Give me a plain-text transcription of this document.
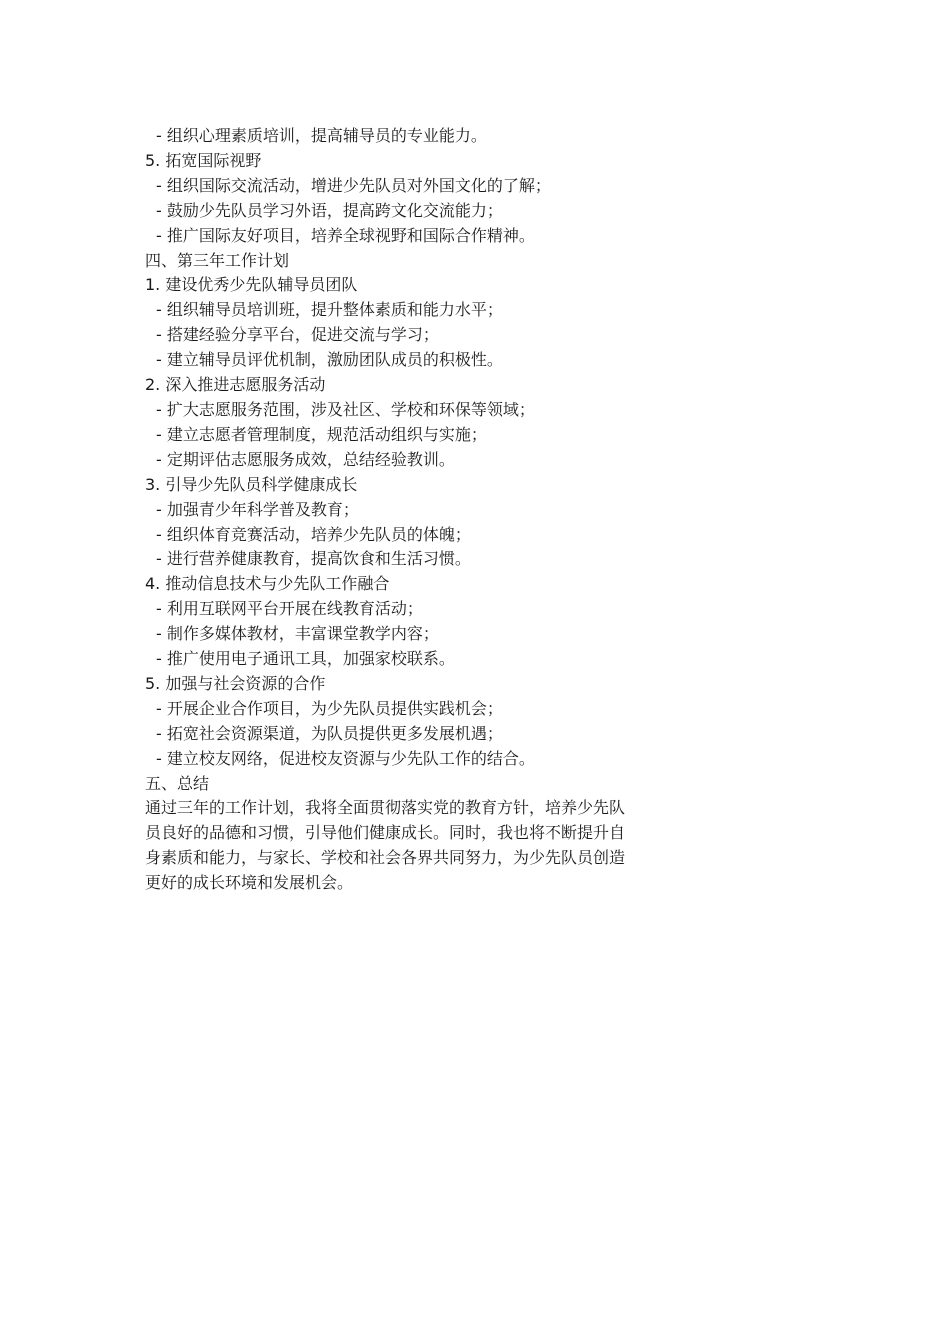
- 组织心理素质培训，提高辅导员的专业能力。
5. 拓宽国际视野
- 组织国际交流活动，增进少先队员对外国文化的了解；
- 鼓励少先队员学习外语，提高跨文化交流能力；
- 推广国际友好项目，培养全球视野和国际合作精神。
四、第三年工作计划
1. 建设优秀少先队辅导员团队
- 组织辅导员培训班，提升整体素质和能力水平；
- 搭建经验分享平台，促进交流与学习；
- 建立辅导员评优机制，激励团队成员的积极性。
2. 深入推进志愿服务活动
- 扩大志愿服务范围，涉及社区、学校和环保等领域；
- 建立志愿者管理制度，规范活动组织与实施；
- 定期评估志愿服务成效，总结经验教训。
3. 引导少先队员科学健康成长
- 加强青少年科学普及教育；
- 组织体育竞赛活动，培养少先队员的体魄；
- 进行营养健康教育，提高饮食和生活习惯。
4. 推动信息技术与少先队工作融合
- 利用互联网平台开展在线教育活动；
- 制作多媒体教材，丰富课堂教学内容；
- 推广使用电子通讯工具，加强家校联系。
5. 加强与社会资源的合作
- 开展企业合作项目，为少先队员提供实践机会；
- 拓宽社会资源渠道，为队员提供更多发展机遇；
- 建立校友网络，促进校友资源与少先队工作的结合。
五、总结
通过三年的工作计划，我将全面贯彻落实党的教育方针，培养少先队
员良好的品德和习惯，引导他们健康成长。同时，我也将不断提升自
身素质和能力，与家长、学校和社会各界共同努力，为少先队员创造
更好的成长环境和发展机会。
